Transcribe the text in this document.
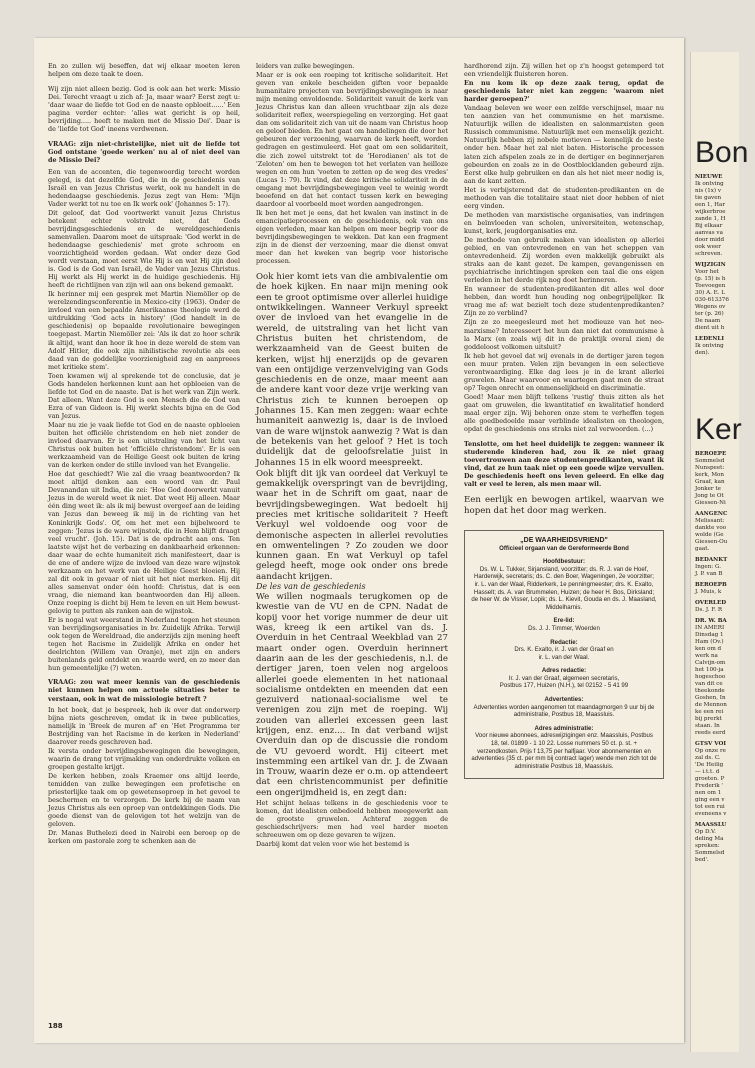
En zo zullen wij beseffen, dat wij elkaar moeten leren helpen om deze taak te doen.

Wij zijn niet alleen bezig. God is ook aan het werk: Missio Dei. Terecht vraagt u zich af: Ja, maar waar? Eerst zegt u: 'daar waar de liefde tot God en de naaste opbloeit......' Een pagina verder echter: 'alles wat gericht is op heil, bevrijding..... heeft te maken met de Missio Dei'. Daar is de 'liefde tot God' ineens verdwenen.

VRAAG: zijn niet-christelijke, niet uit de liefde tot God ontstane 'goede werken' nu al of niet deel van de Missio Dei?

Een van de accenten, die tegenwoordig terecht worden gelegd, is dat dezelfde God, die in de geschiedenis van Israël en van Jezus Christus werkt, ook nu handelt in de hedendaagse geschiedenis. Jezus zegt van Hem: 'Mijn Vader werkt tot nu toe en Ik werk ook' (Johannes 5: 17).

Dit geloof, dat God voortwerkt vanuit Jezus Christus betekent echter volstrekt niet, dat Gods bevrijdingsgeschiedenis en de wereldgeschiedenis samenvallen. Daarom moet de uitspraak: 'God werkt in de hedendaagse geschiedenis' met grote schroom en voorzichtigheid worden gedaan. Wat onder deze God wordt verstaan, moet eerst Wie Hij is en wat Hij zijn doel is. God is de God van Israël, de Vader van Jezus Christus. Hij werkt als Hij werkt in de huidige geschiedenis. Hij heeft de richtlijnen van zijn wil aan ons bekend gemaakt.

Ik herinner mij een gesprek met Martin Niemöller op de werelzendingsconferentie in Mexico-city (1963). Onder de invloed van een bepaalde Amerikaanse theologie werd de uitdrukking 'God acts in history' (God handelt in de geschiedenis) op bepaalde revolutionaire bewegingen toegepast. Martin Niemöller zei: 'Als ik dat zo hoor schrik ik altijd, want dan hoor ik hoe in deze wereld de stem van Adolf Hitler, die ook zijn nihilistische revolutie als een daad van de goddelijke voorzienigheid zag en aanpreees met kritieke stem'.

Toen kwamen wij al sprekende tot de conclusie, dat je Gods handelen herkennen kunt aan het opbloeien van de liefde tot God en de naaste. Dat is het werk van Zijn werk. Dat alleen. Want deze God is een Mensch die de God van Ezra of van Gideon is. Hij werkt slechts bijna en de God van Jezus.

Maar nu zie je vaak liefde tot God en de naaste opbloeien buiten het officiële christendom en heb niet zonder de invloed daarvan. Er is een uitstraling van het licht van Christus ook buiten het 'officiële christendom'. Er is een werkzaamheid van de Heilige Geest ook buiten de kring van de kerken onder de stille invloed van het Evangelie.

Hoe dat geschiedt? Wie zal die vraag beantwoorden? Ik moet altijd denken aan een woord van dr. Paul Devanandan uit India, die zei: 'Hoe God doorwerkt vanuit Jezus in de wereld weet ik niet. Dat weet Hij alleen. Maar één ding weet ik: als ik mij bewust overgeef aan de leiding van Jezus dan beweeg ik mij in de richting van het Koninkrijk Gods'. Of, om het met een bijbelwoord te zeggen: 'Jezus is de ware wijnstok, die in Hem blijft draagt veel vrucht'. (Joh. 15). Dat is de opdracht aan ons. Ten laatste wijst het de verbazing en dankbaarheid erkennen: daar waar de echte humaniteit zich manifesteert, daar is de ene of andere wijze de invloed van deze ware wijnstok werkzaam en het werk van de Heilige Geest bloeien. Hij zal dit ook in gevaar of niet uit het niet merken. Hij dit alles samenvat onder één hoofd: Christus, dat is een vraag, die niemand kan beantwoorden dan Hij alleen. Onze roeping is dicht bij Hem te leven en uit Hem bewust-gelovig te putten als ranken aan de wijnstok.

Er is nogal wat weerstand in Nederland tegen het steunen van bevrijdingsorganisaties in bv. Zuidelijk Afrika. Terwijl ook tegen de Wereldraad, die anderzijds zijn mening heeft tegen het Racisme in Zuidelijk Afrika en onder het deelrichten (Willem van Oranje), met zijn en anders buitenlands geld ontdekt en waarde werd, en zo meer dan hun gemeentelijke (?) weten.

VRAAG: zou wat meer kennis van de geschiedenis niet kunnen helpen om actuele situaties beter te verstaan, ook in wat de missiologie betreft ?

In het boek, dat je bespreek, heb ik over dat onderwerp bijna niets geschreven, omdat ik in twee publicaties, namelijk in 'Breek de muren af' en 'Het Programma ter Bestrijding van het Racisme in de kerken in Nederland' daarover reeds geschreven had.

Ik versta onder bevrijdingsbewegingen die bewegingen, waarin de drang tot vrijmaking van onderdrukte volken en groepen gestalte krijgt.

De kerken hebben, zoals Kraemer ons altijd leerde, temidden van zulke bewegingen een profetische en priesterlijke taak om op gewetensoproep in het gevoel te beschermen en te verzorgen. De kerk bij de naam van Jezus Christus als een oproep van ontdekkingen Gods. Die goede dienst van de gelovigen tot het welzijn van de geloven.

Dr. Manas Buthelezi deed in Nairobi een beroep op de kerken om pastorale zorg te schenken aan de

leiders van zulke bewegingen.

Maar er is ook een roeping tot kritische solidariteit. Het geven van enkele bescheiden giften voor bepaalde humanitaire projecten van bevrijdingsbewegingen is naar mijn mening onvoldoende. Solidariteit vanuit de kerk van Jezus Christus kan dan alleen vruchtbaar zijn als deze solidariteit reflex, weerspiegeling en verzorging. Het gaat dan om solidariteit zich van uit de naam van Christus hoop en geloof bieden. En het gaat om handelingen die door het gebeuren der verzoening, waarvan de kerk heeft, worden gedragen en gestimuleerd. Het gaat om een solidariteit, die zich zowel uitstrekt tot de 'Herodianen' als tot de 'Zeloten' om hen te bewegen tot het verlaten van heilloze wegen en om hun 'voeten te zetten op de weg des vredes' (Lucas 1: 79). Ik vind, dat deze kritische solidariteit in de omgang met bevrijdingsbewegingen veel te weinig wordt beoefend en dat het contact tussen kerk en beweging daardoor al voorbeeld moet worden aangedrongen.

Ik ben het met je eens, dat het kwalen van instinct in de emancipatieprocessen en de geschiedenis, ook van ons eigen verleden, maar kan helpen om meer begrip voor de bevrijdingsbewegingen te wekken. Dat kan een fragment zijn in de dienst der verzoening, maar die dienst omvat meer dan het kweken van begrip voor historische processen.

Ook hier komt iets van die ambivalentie om de hoek kijken. En naar mijn mening ook een te groot optimisme over allerlei huidige ontwikkelingen. Wanneer Verkuyl spreekt over de invloed van het evangelie in de wereld, de uitstraling van het licht van Christus buiten het christendom, de werkzaamheid van de Geest buiten de kerken, wijst hij enerzijds op de gevaren van een ontijdige verzenvelviging van Gods geschiedenis en de onze, maar meent aan de andere kant voor deze vrije werking van Christus zich te kunnen beroepen op Johannes 15. Kan men zeggen: waar echte humaniteit aanwezig is, daar is de invloed van de ware wijnstok aanwezig ? Wat is dan de betekenis van het geloof ? Het is toch duidelijk dat de geloofsrelatie juist in Johannes 15 in elk woord meespreekt.

Ook blijft dit ijk van oordeel dat Verkuyl te gemakkelijk overspringt van de bevrijding, waar het in de Schrift om gaat, naar de bevrijdingsbewegingen. Wat bedoelt hij precies met kritische solidariteit ? Heeft Verkuyl wel voldoende oog voor de demonische aspecten in allerlei revoluties en omwentelingen ? Zo zouden we door kunnen gaan. En wat Verkuyl op tafel gelegd heeft, moge ook onder ons brede aandacht krijgen.

De les van de geschiedenis

We willen nogmaals terugkomen op de kwestie van de VU en de CPN. Nadat de kopij voor het vorige nummer de deur uit was, kreeg ik een artikel van ds. J. Overduin in het Centraal Weekblad van 27 maart onder ogen. Overduin herinnert daarin aan de les der geschiedenis, n.l. de dertiger jaren, toen velen nog argeloos allerlei goede elementen in het nationaal socialisme ontdekten en meenden dat een gezuiverd nationaal-socialisme wel te verenigen zou zijn met de roeping. Wij zouden van allerlei excessen geen last krijgen, enz. enz.... In dat verband wijst Overduin dan op de discussie die rondom de VU gevoerd wordt. Hij citeert met instemming een artikel van dr. J. de Zwaan in Trouw, waarin deze er o.m. op attendeert dat een christencommunist per definitie een ongerijmdheid is, en zegt dan:

Het schijnt helaas telkens in de geschiedenis voor te komen, dat idealisten onbedoeld hebben meegewerkt aan de grootste gruwelen. Achteraf zeggen de geschiedschrijvers: men had veel harder moeten schreeuwen om op deze gevaren te wijzen.

Daarbij komt dat velen voor wie het bestemd is

hardhorend zijn. Zij willen het op z'n hoogst getemperd tot een vriendelijk fluisteren horen.

En nu kom ik op deze zaak terug, opdat de geschiedenis later niet kan zeggen: 'waarom niet harder geroepen?'

Vandaag beleven we weer een zelfde verschijnsel, maar nu ten aanzien van het communisme en het marxisme. Natuurlijk willen de idealisten en salonmarxisten geen Russisch communisme. Natuurlijk met een menselijk gezicht. Natuurlijk hebben zij nobele motieven — kennelijk de beste onder hen. Maar het zal niet baten. Historische processen laten zich afspelen zoals ze in de dertiger en beginnerjaren gebeurden en zoals ze in de Oostblocklanden gebeurd zijn. Eerst elke hulp gebruiken en dan als het niet meer nodig is, aan de kant zetten.

Het is verbijsterend dat de studenten-predikanten en de methoden van die totalitaire staat niet door hebben of niet eerg vinden.

De methoden van marxistische organisaties, van indringen en beïnvloeden van scholen, universiteiten, wetenschap, kunst, kerk, jeugdorganisaties enz.

De methode van gebruik maken van idealisten op allerlei gebied, en van ontevredenen en van het scheppen van ontevredenheid. Zij worden even makkelijk gebruikt als straks aan de kant gezet. De kampen, gevangenissen en psychiatrische inrichtingen spreken een taal die ons eigen verleden in het derde rijk nog doet herinneren.

En wanneer de studenten-predikanten dit alles wel door hebben, dan wordt hun houding nog onbegrijpelijker. Ik vraag me af: wat bezielt toch deze studentenpredikanten? Zijn ze zo verblind?

Zijn ze zo meegesleurd met het modieuze van het neo-marxisme? Interesseert het hun dan niet dat communisme à la Marx (en zoals wij dit in de praktijk overal zien) de goddeloost volkomen uitsluit?

Ik heb het gevoel dat wij evenals in de dertiger jaren tegen een muur praten. Velen zijn bevangen in een selectieve verontwaardiging. Elke dag lees je in de krant allerlei gruwelen. Maar waarvoor en waartegen gaat men de straat op? Tegen onrecht en onmenselijkheid en discriminatie.

Goed! Maar men blijft telkens 'rustig' thuis zitten als het gaat om gruwelen, die kwantitatief en kwalitatief honderd maal erger zijn. Wij behoren onze stem te verheffen tegen alle goedbedoelde maar verblinde idealisten en theologen, opdat de geschiedenis ons straks niet zal verwoorden. (...)

Tenslotte, om het heel duidelijk te zeggen: wanneer ik studerende kinderen had, zou ik ze niet graag toevertrouwen aan deze studentenpredikanten, want ik vind, dat ze hun taak niet op een goede wijze vervullen. De geschiedenis heeft ons leven geleerd. En elke dag valt er veel te leren, als men maar wil.

Een eerlijk en bewogen artikel, waarvan we hopen dat het door mag werken.

„DE WAARHEIDSVRIEND"
Officieel orgaan van de Gereformeerde Bond
Hoofdbestuur:

Ds. W. L. Tukker, Sirjansland, voorzitter; ds. R. J. van de Hoef, Harderwijk, secretaris; ds. C. den Boer, Wageningen, 2e voorzitter; ir. L. van der Waal, Ridderkerk, 1e penningmeester; drs. K. Exalto, Hasselt; ds. A. van Brummelen, Huizen; de heer H. Bos, Dirksland; de heer W. de Visser, Lopik; ds. L. Kievit, Gouda en ds. J. Maasland, Middelharnis.

Ere-lid:

Ds. J. J. Timmer, Woerden

Redactie:

Drs. K. Exalto, ir. J. van der Graaf en

ir. L. van der Waal.

Adres redactie:

Ir. J. van der Graaf, algemeen secretaris,

Postbus 177, Huizen (N.H.), tel 02152 - 5 41 99

Advertenties:

Advertenties worden aangenomen tot maandagmorgen 9 uur bij de administratie, Postbus 18, Maassluis.

Adres administratie:

Voor nieuwe abonnees, adreswijzigingen enz. Maassluis, Postbus 18, tel. 01899 - 1 10 22. Losse nummers 50 ct. p. st. + verzendkosten. Prijs f 13,75 per halfjaar. Voor abonnementen en advertenties (35 ct. per mm bij contract lager) wende men zich tot de administratie Postbus 18, Maassluis.

188
Bon
NIEUWE
Ik ontving
nis (1x) v
tie gaven
een 1, Har
wijkerbroe
zande 1, H
Bij elkaar
aanvas va
door midd
ook weer
schreven.
WIJZIGIN
Voor het
(p. 15) is h
Toevoegen
30) A. E. L
030-613376
Wegens ov
ter (p. 26)
De naam
dient uit h
LEDENLI
Ik ontving
den).
Ker
BEROEPE
Sommelsd
Nunspeet:
kerk, Mon
Graaf, kan
Jonker te
Jong te Ot
Giessen-Ni
AANGENC
Melissant:
dankte voo
wolde (Ge
Giessen-Ou
gaat.
BEDANKT
Ingen: G.
J. P. van B
BEROEPB
J. Muis, k
OVERLED
Ds. J. F. R
DR. W. BA
IN AMERI
Dinsdag 1
Ham (Ov.)
ken om d
werk na
Calvijn-om
het 100-ja
hogeschoo
van dit ce
theekonde
Goshen, In
de Mennon
ke een rei
bij prerkt
staan. In
reeds eerd
GTSV VOI
Op onze re
zal ds. C.
'De Heilig
— i.t.t. d
groeten. P
Frederik '
nen om 1
ging een v
tot een rui
eveneens v
MAASSLU
Op D.V.
deling Ma
spreken:
Sommelsd
bed'.
